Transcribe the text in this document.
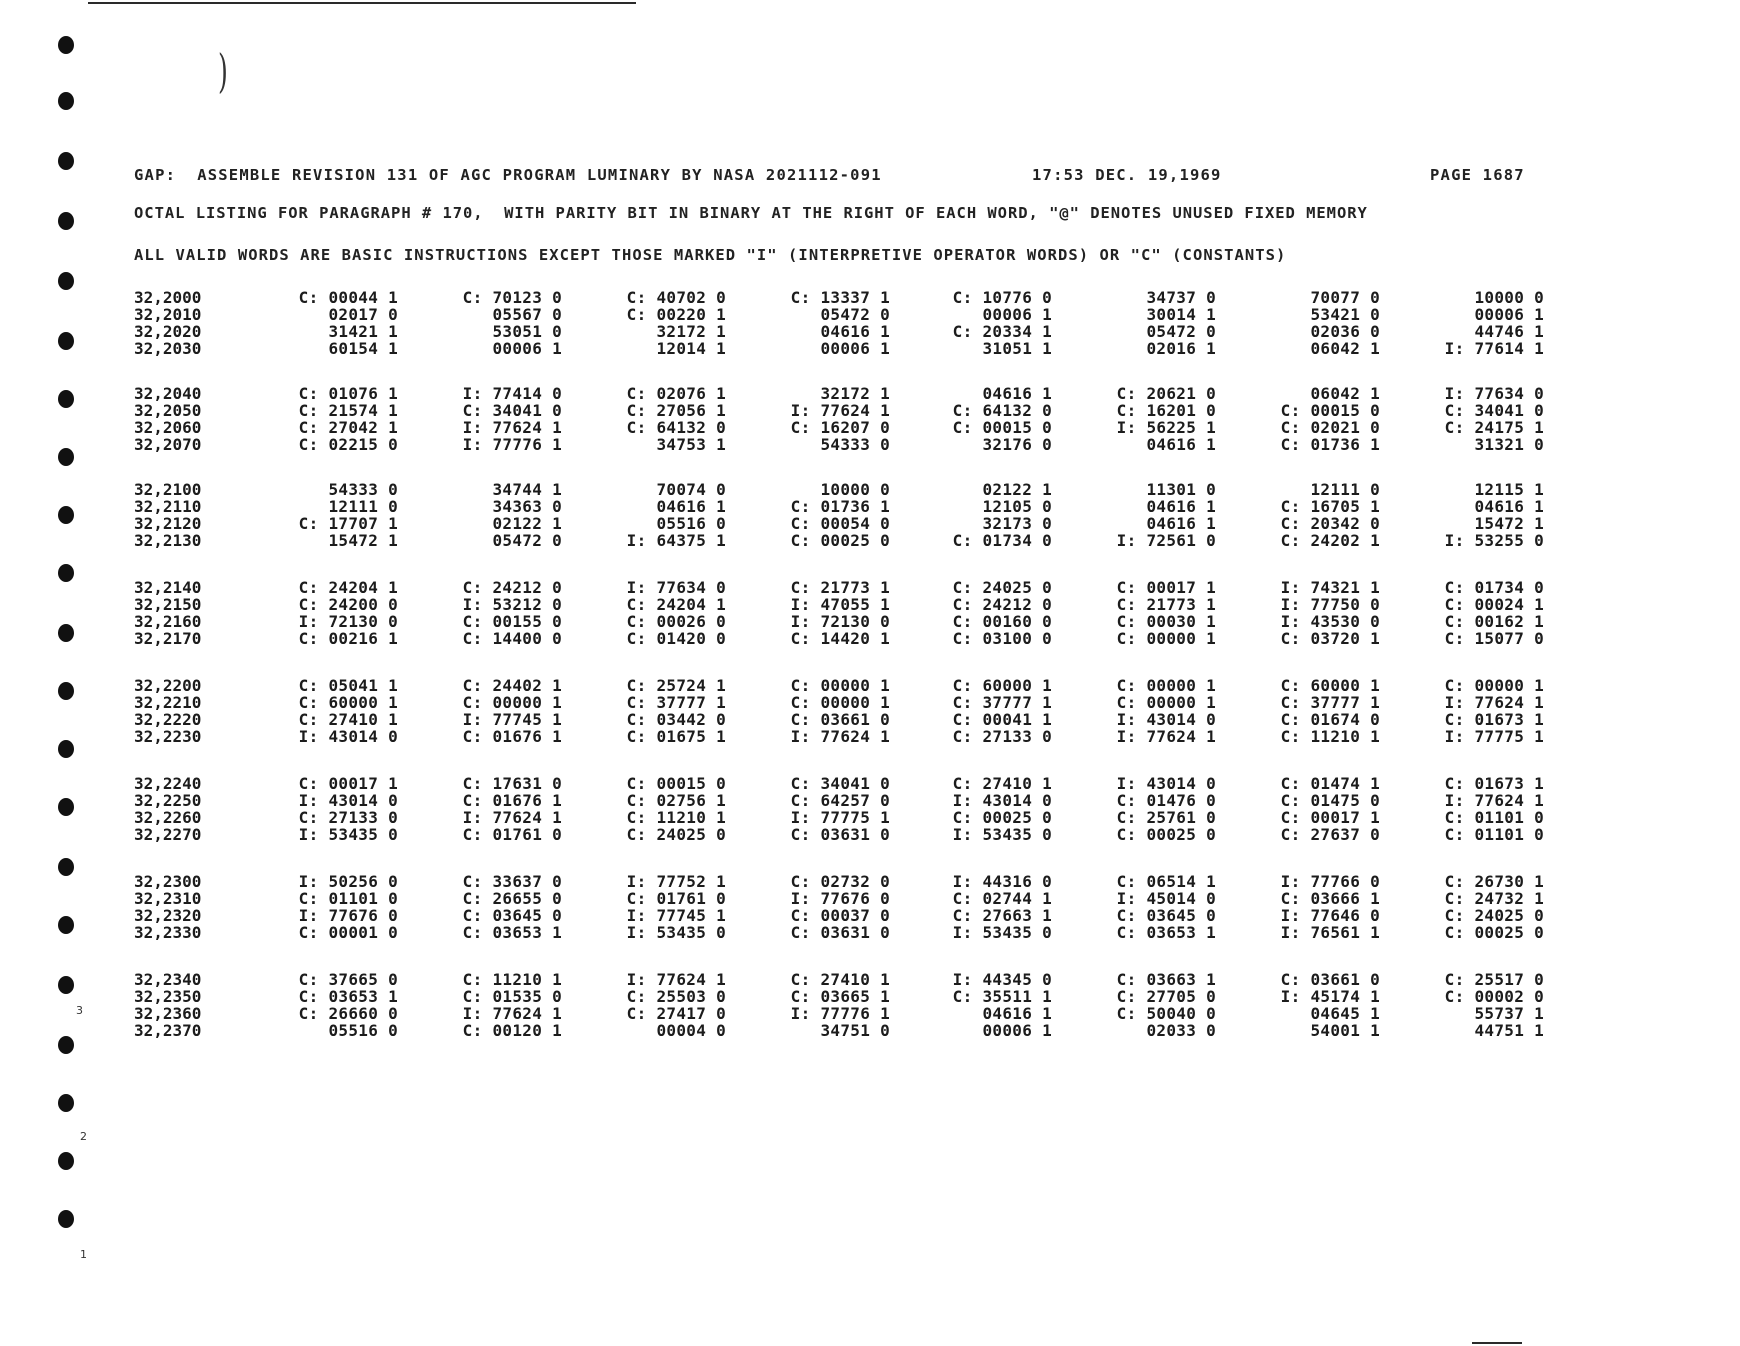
)
3
2
1
GAP:  ASSEMBLE REVISION 131 OF AGC PROGRAM LUMINARY BY NASA 2021112-091	17:53 DEC. 19,1969	PAGE 1687
OCTAL LISTING FOR PARAGRAPH # 170,  WITH PARITY BIT IN BINARY AT THE RIGHT OF EACH WORD, "@" DENOTES UNUSED FIXED MEMORY
ALL VALID WORDS ARE BASIC INSTRUCTIONS EXCEPT THOSE MARKED "I" (INTERPRETIVE OPERATOR WORDS) OR "C" (CONSTANTS)
32,2000	C: 00044 1	C: 70123 0	C: 40702 0	C: 13337 1	C: 10776 0	34737 0	70077 0	10000 0
32,2010	02017 0	05567 0	C: 00220 1	05472 0	00006 1	30014 1	53421 0	00006 1
32,2020	31421 1	53051 0	32172 1	04616 1	C: 20334 1	05472 0	02036 0	44746 1
32,2030	60154 1	00006 1	12014 1	00006 1	31051 1	02016 1	06042 1	I: 77614 1
32,2040	C: 01076 1	I: 77414 0	C: 02076 1	32172 1	04616 1	C: 20621 0	06042 1	I: 77634 0
32,2050	C: 21574 1	C: 34041 0	C: 27056 1	I: 77624 1	C: 64132 0	C: 16201 0	C: 00015 0	C: 34041 0
32,2060	C: 27042 1	I: 77624 1	C: 64132 0	C: 16207 0	C: 00015 0	I: 56225 1	C: 02021 0	C: 24175 1
32,2070	C: 02215 0	I: 77776 1	34753 1	54333 0	32176 0	04616 1	C: 01736 1	31321 0
32,2100	54333 0	34744 1	70074 0	10000 0	02122 1	11301 0	12111 0	12115 1
32,2110	12111 0	34363 0	04616 1	C: 01736 1	12105 0	04616 1	C: 16705 1	04616 1
32,2120	C: 17707 1	02122 1	05516 0	C: 00054 0	32173 0	04616 1	C: 20342 0	15472 1
32,2130	15472 1	05472 0	I: 64375 1	C: 00025 0	C: 01734 0	I: 72561 0	C: 24202 1	I: 53255 0
32,2140	C: 24204 1	C: 24212 0	I: 77634 0	C: 21773 1	C: 24025 0	C: 00017 1	I: 74321 1	C: 01734 0
32,2150	C: 24200 0	I: 53212 0	C: 24204 1	I: 47055 1	C: 24212 0	C: 21773 1	I: 77750 0	C: 00024 1
32,2160	I: 72130 0	C: 00155 0	C: 00026 0	I: 72130 0	C: 00160 0	C: 00030 1	I: 43530 0	C: 00162 1
32,2170	C: 00216 1	C: 14400 0	C: 01420 0	C: 14420 1	C: 03100 0	C: 00000 1	C: 03720 1	C: 15077 0
32,2200	C: 05041 1	C: 24402 1	C: 25724 1	C: 00000 1	C: 60000 1	C: 00000 1	C: 60000 1	C: 00000 1
32,2210	C: 60000 1	C: 00000 1	C: 37777 1	C: 00000 1	C: 37777 1	C: 00000 1	C: 37777 1	I: 77624 1
32,2220	C: 27410 1	I: 77745 1	C: 03442 0	C: 03661 0	C: 00041 1	I: 43014 0	C: 01674 0	C: 01673 1
32,2230	I: 43014 0	C: 01676 1	C: 01675 1	I: 77624 1	C: 27133 0	I: 77624 1	C: 11210 1	I: 77775 1
32,2240	C: 00017 1	C: 17631 0	C: 00015 0	C: 34041 0	C: 27410 1	I: 43014 0	C: 01474 1	C: 01673 1
32,2250	I: 43014 0	C: 01676 1	C: 02756 1	C: 64257 0	I: 43014 0	C: 01476 0	C: 01475 0	I: 77624 1
32,2260	C: 27133 0	I: 77624 1	C: 11210 1	I: 77775 1	C: 00025 0	C: 25761 0	C: 00017 1	C: 01101 0
32,2270	I: 53435 0	C: 01761 0	C: 24025 0	C: 03631 0	I: 53435 0	C: 00025 0	C: 27637 0	C: 01101 0
32,2300	I: 50256 0	C: 33637 0	I: 77752 1	C: 02732 0	I: 44316 0	C: 06514 1	I: 77766 0	C: 26730 1
32,2310	C: 01101 0	C: 26655 0	C: 01761 0	I: 77676 0	C: 02744 1	I: 45014 0	C: 03666 1	C: 24732 1
32,2320	I: 77676 0	C: 03645 0	I: 77745 1	C: 00037 0	C: 27663 1	C: 03645 0	I: 77646 0	C: 24025 0
32,2330	C: 00001 0	C: 03653 1	I: 53435 0	C: 03631 0	I: 53435 0	C: 03653 1	I: 76561 1	C: 00025 0
32,2340	C: 37665 0	C: 11210 1	I: 77624 1	C: 27410 1	I: 44345 0	C: 03663 1	C: 03661 0	C: 25517 0
32,2350	C: 03653 1	C: 01535 0	C: 25503 0	C: 03665 1	C: 35511 1	C: 27705 0	I: 45174 1	C: 00002 0
32,2360	C: 26660 0	I: 77624 1	C: 27417 0	I: 77776 1	04616 1	C: 50040 0	04645 1	55737 1
32,2370	05516 0	C: 00120 1	00004 0	34751 0	00006 1	02033 0	54001 1	44751 1
